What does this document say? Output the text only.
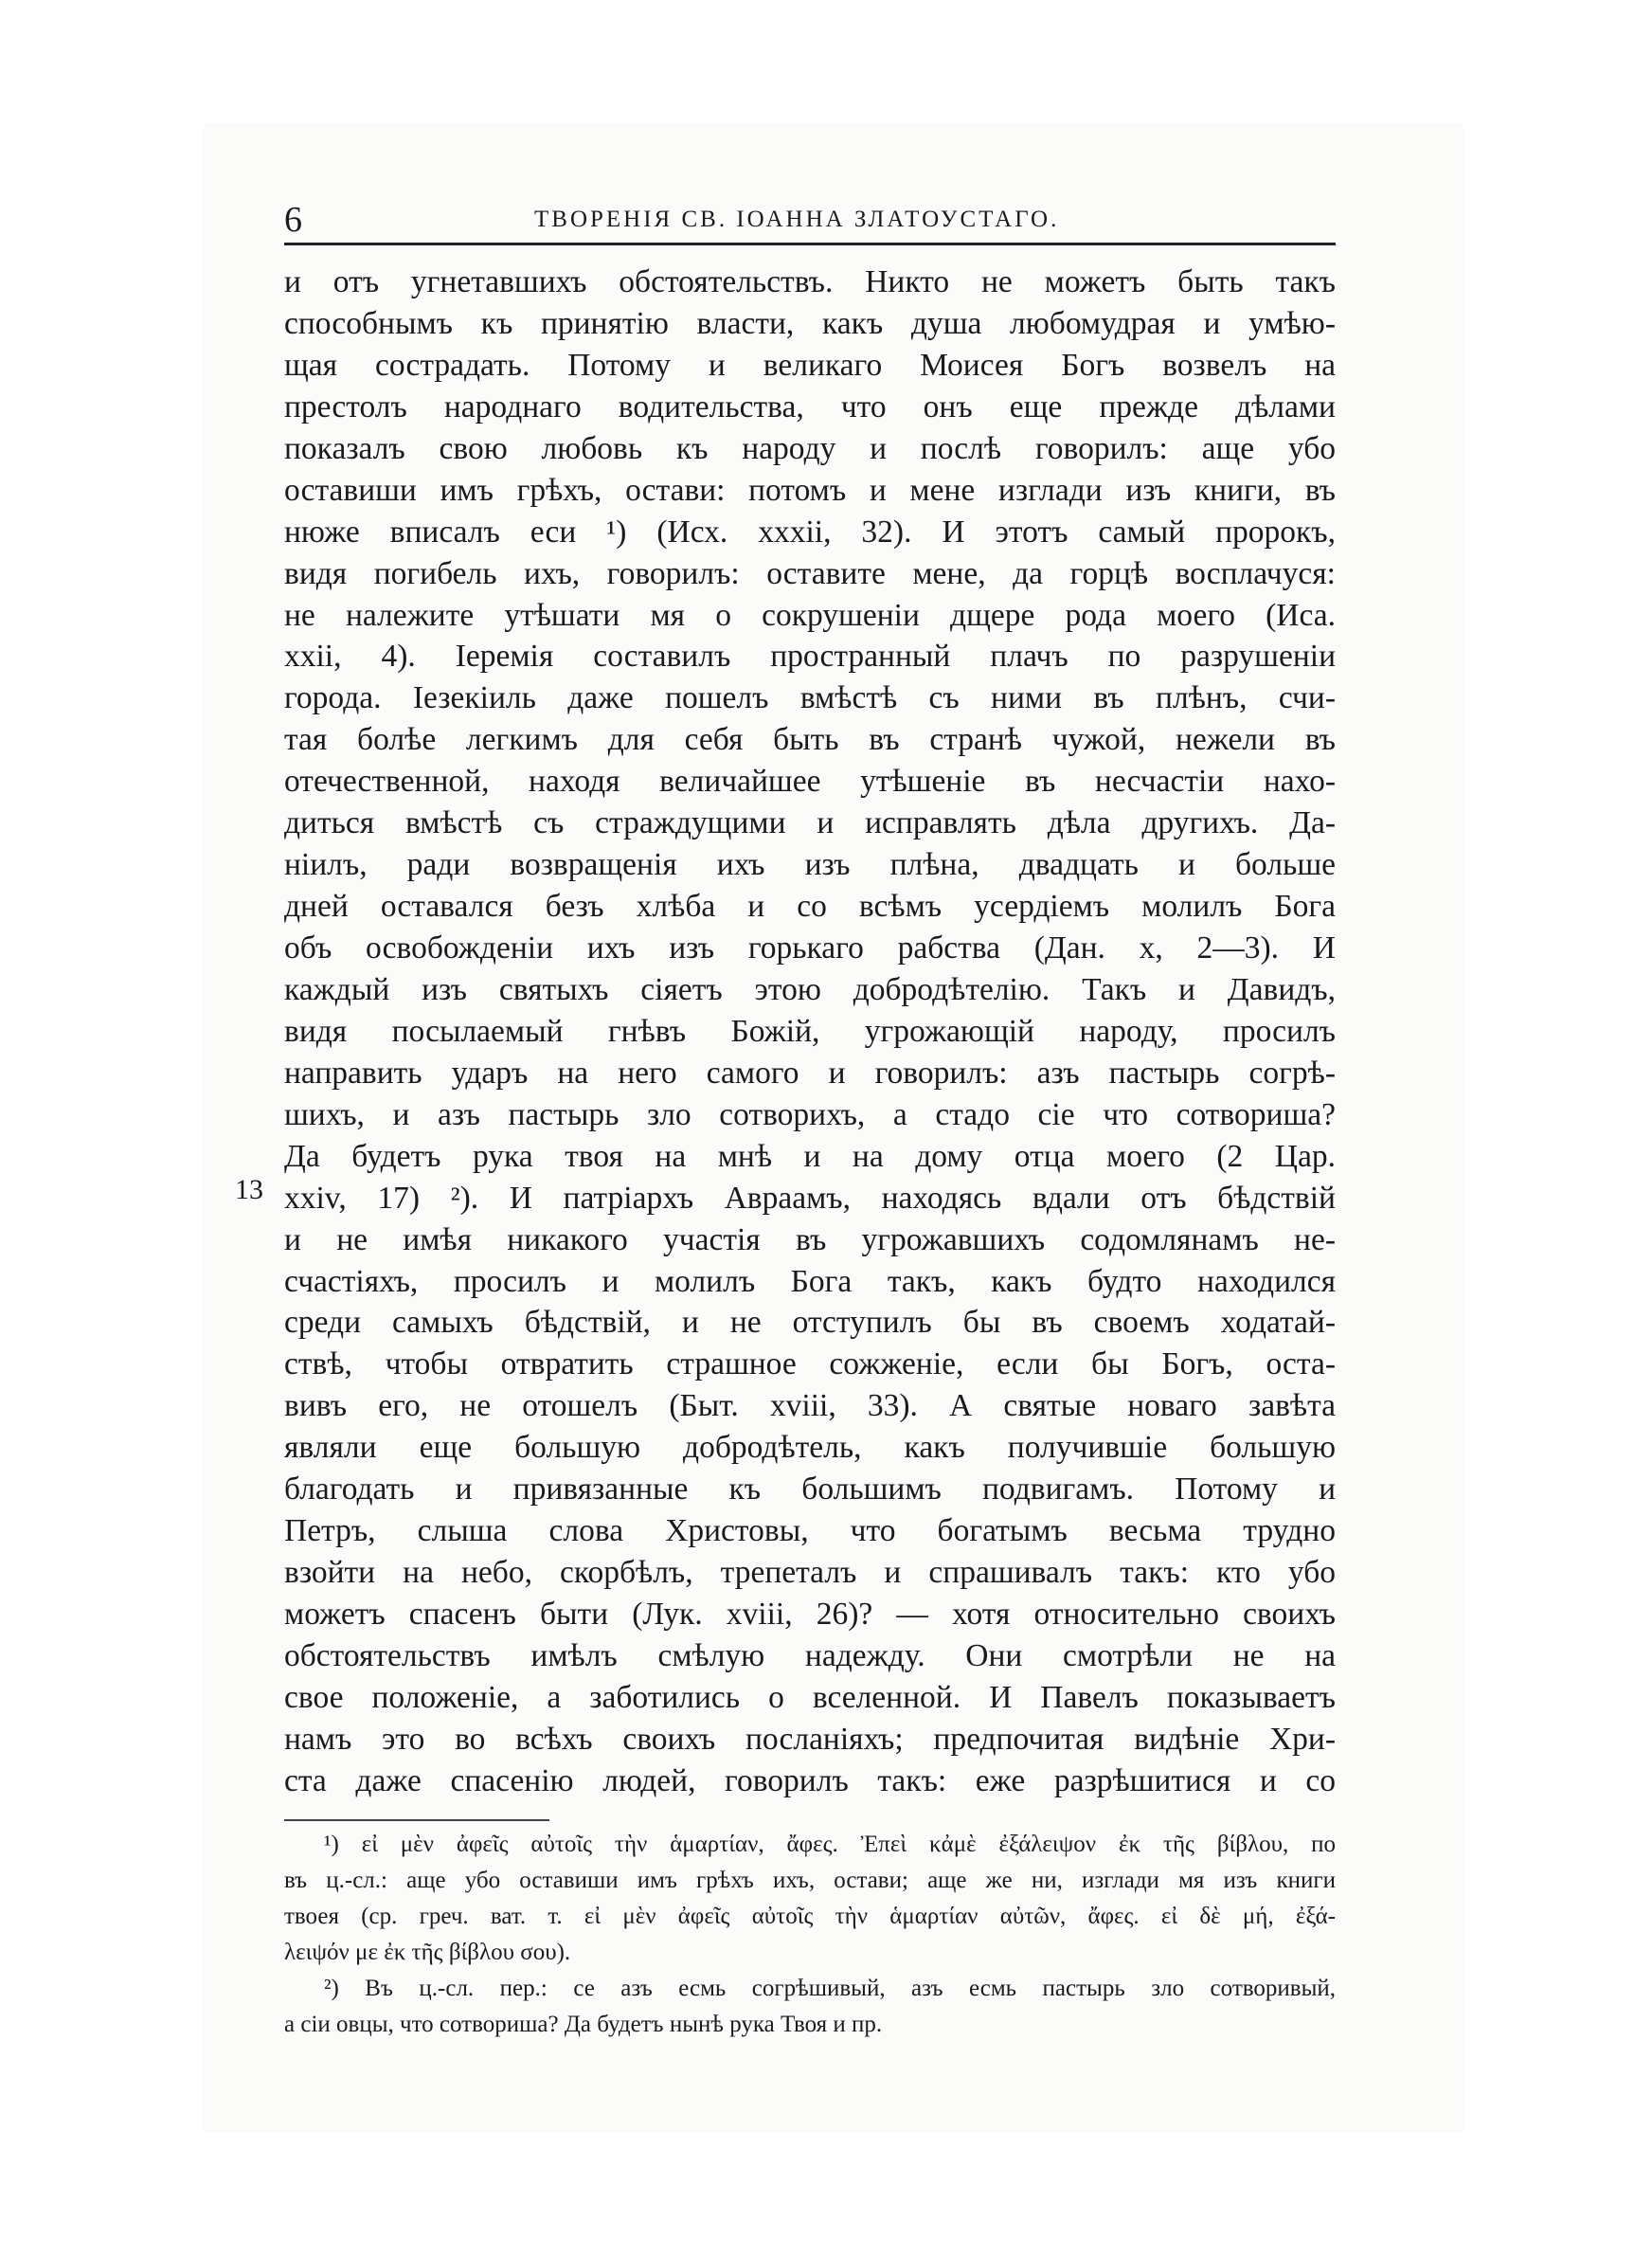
6	ТВОРЕНІЯ СВ. ІОАННА ЗЛАТОУСТАГО.
13
и отъ угнетавшихъ обстоятельствъ. Никто не можетъ быть такъ
способнымъ къ принятію власти, какъ душа любомудрая и умѣю-
щая сострадать. Потому и великаго Моисея Богъ возвелъ на
престолъ народнаго водительства, что онъ еще прежде дѣлами
показалъ свою любовь къ народу и послѣ говорилъ: аще убо
оставиши имъ грѣхъ, остави: потомъ и мене изглади изъ книги, въ
нюже вписалъ еси ¹) (Исх. xxxii, 32). И этотъ самый пророкъ,
видя погибель ихъ, говорилъ: оставите мене, да горцѣ восплачуся:
не належите утѣшати мя о сокрушеніи дщере рода моего (Иса.
xxii, 4). Іеремія составилъ пространный плачъ по разрушеніи
города. Іезекіиль даже пошелъ вмѣстѣ съ ними въ плѣнъ, счи-
тая болѣе легкимъ для себя быть въ странѣ чужой, нежели въ
отечественной, находя величайшее утѣшеніе въ несчастіи нахо-
диться вмѣстѣ съ страждущими и исправлять дѣла другихъ. Да-
ніилъ, ради возвращенія ихъ изъ плѣна, двадцать и больше
дней оставался безъ хлѣба и со всѣмъ усердіемъ молилъ Бога
объ освобожденіи ихъ изъ горькаго рабства (Дан. x, 2—3). И
каждый изъ святыхъ сіяетъ этою добродѣтелію. Такъ и Давидъ,
видя посылаемый гнѣвъ Божій, угрожающій народу, просилъ
направить ударъ на него самого и говорилъ: азъ пастырь согрѣ-
шихъ, и азъ пастырь зло сотворихъ, а стадо сіе что сотвориша?
Да будетъ рука твоя на мнѣ и на дому отца моего (2 Цар.
xxiv, 17) ²). И патріархъ Авраамъ, находясь вдали отъ бѣдствій
и не имѣя никакого участія въ угрожавшихъ содомлянамъ не-
счастіяхъ, просилъ и молилъ Бога такъ, какъ будто находился
среди самыхъ бѣдствій, и не отступилъ бы въ своемъ ходатай-
ствѣ, чтобы отвратить страшное сожженіе, если бы Богъ, оста-
вивъ его, не отошелъ (Быт. xviii, 33). А святые новаго завѣта
являли еще большую добродѣтель, какъ получившіе большую
благодать и привязанные къ большимъ подвигамъ. Потому и
Петръ, слыша слова Христовы, что богатымъ весьма трудно
взойти на небо, скорбѣлъ, трепеталъ и спрашивалъ такъ: кто убо
можетъ спасенъ быти (Лук. xviii, 26)? — хотя относительно своихъ
обстоятельствъ имѣлъ смѣлую надежду. Они смотрѣли не на
свое положеніе, а заботились о вселенной. И Павелъ показываетъ
намъ это во всѣхъ своихъ посланіяхъ; предпочитая видѣніе Хри-
ста даже спасенію людей, говорилъ такъ: еже разрѣшитися и со
¹) εἰ μὲν ἀφεῖς αὐτοῖς τὴν ἁμαρτίαν, ἄφες. Ἐπεὶ κἀμὲ ἐξάλειψον ἐκ τῆς βίβλου, по
въ ц.-сл.: аще убо оставиши имъ грѣхъ ихъ, остави; аще же ни, изглади мя изъ книги
твоея (ср. греч. ват. т. εἰ μὲν ἀφεῖς αὐτοῖς τὴν ἁμαρτίαν αὐτῶν, ἄφες. εἰ δὲ μή, ἐξά-
λειψόν με ἐκ τῆς βίβλου σου).
²) Въ ц.-сл. пер.: се азъ есмь согрѣшивый, азъ есмь пастырь зло сотворивый,
а сіи овцы, что сотвориша? Да будетъ нынѣ рука Твоя и пр.
